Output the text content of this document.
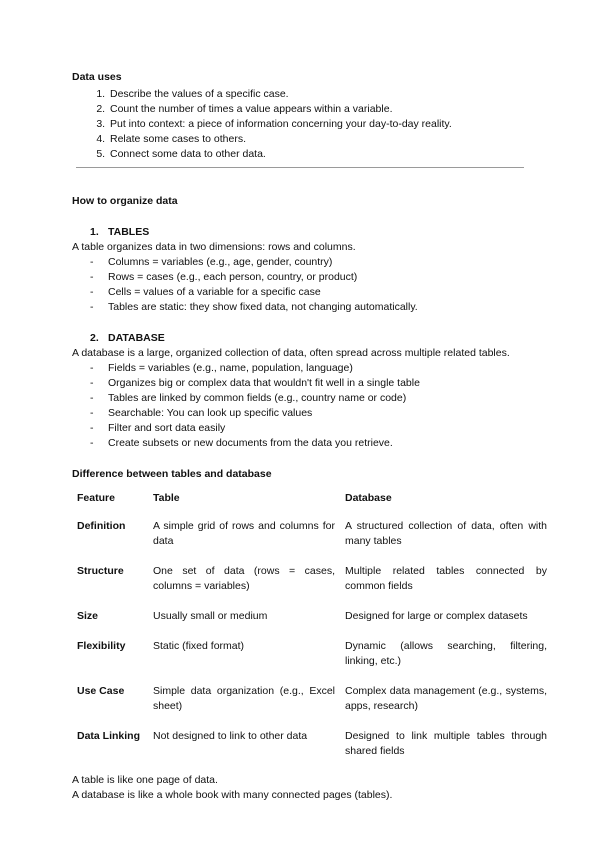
Data uses

1. Describe the values of a specific case.
2. Count the number of times a value appears within a variable.
3. Put into context: a piece of information concerning your day-to-day reality.
4. Relate some cases to others.
5. Connect some data to other data.

How to organize data

1. TABLES
A table organizes data in two dimensions: rows and columns.
- Columns = variables (e.g., age, gender, country)
- Rows = cases (e.g., each person, country, or product)
- Cells = values of a variable for a specific case
- Tables are static: they show fixed data, not changing automatically.
2. DATABASE
A database is a large, organized collection of data, often spread across multiple related tables.
- Fields = variables (e.g., name, population, language)
- Organizes big or complex data that wouldn't fit well in a single table
- Tables are linked by common fields (e.g., country name or code)
- Searchable: You can look up specific values
- Filter and sort data easily
- Create subsets or new documents from the data you retrieve.

Difference between tables and database

Feature	Table	Database
Definition	A simple grid of rows and columns for data	A structured collection of data, often with many tables
Structure	One set of data (rows = cases, columns = variables)	Multiple related tables connected by common fields
Size	Usually small or medium	Designed for large or complex datasets
Flexibility	Static (fixed format)	Dynamic (allows searching, filtering, linking, etc.)
Use Case	Simple data organization (e.g., Excel sheet)	Complex data management (e.g., systems, apps, research)
Data Linking	Not designed to link to other data	Designed to link multiple tables through shared fields
A table is like one page of data.
A database is like a whole book with many connected pages (tables).
